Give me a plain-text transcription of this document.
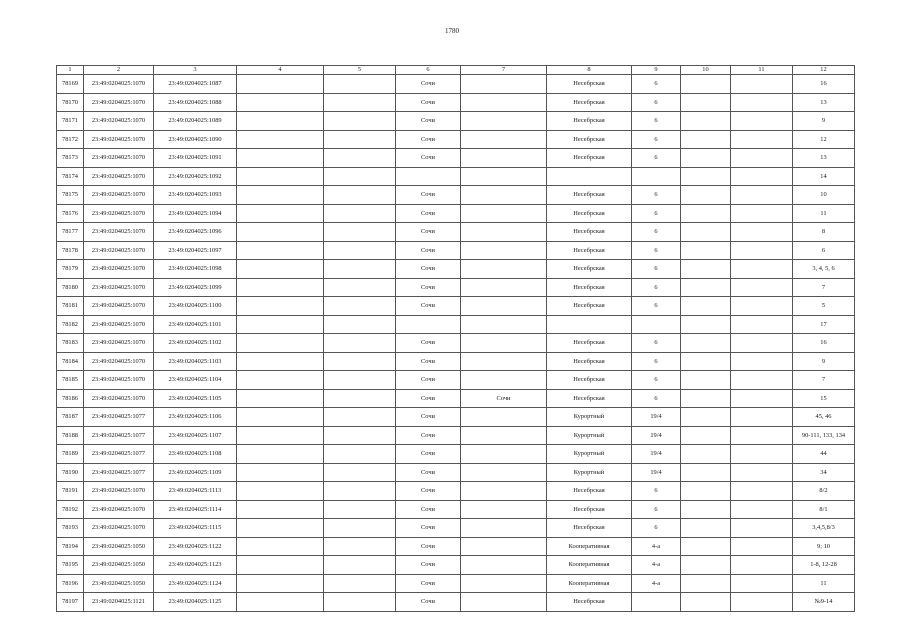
1780
1	2	3	4	5	6	7	8	9	10	11	12
78169	23:49:0204025:1070	23:49:0204025:1087			Сочи		Несебрская	6			16
78170	23:49:0204025:1070	23:49:0204025:1088			Сочи		Несебрская	6			13
78171	23:49:0204025:1070	23:49:0204025:1089			Сочи		Несебрская	6			9
78172	23:49:0204025:1070	23:49:0204025:1090			Сочи		Несебрская	6			12
78173	23:49:0204025:1070	23:49:0204025:1091			Сочи		Несебрская	6			13
78174	23:49:0204025:1070	23:49:0204025:1092									14
78175	23:49:0204025:1070	23:49:0204025:1093			Сочи		Несебрская	6			10
78176	23:49:0204025:1070	23:49:0204025:1094			Сочи		Несебрская	6			11
78177	23:49:0204025:1070	23:49:0204025:1096			Сочи		Несебрская	6			8
78178	23:49:0204025:1070	23:49:0204025:1097			Сочи		Несебрская	6			6
78179	23:49:0204025:1070	23:49:0204025:1098			Сочи		Несебрская	6			3, 4, 5, 6
78180	23:49:0204025:1070	23:49:0204025:1099			Сочи		Несебрская	6			7
78181	23:49:0204025:1070	23:49:0204025:1100			Сочи		Несебрская	6			5
78182	23:49:0204025:1070	23:49:0204025:1101									17
78183	23:49:0204025:1070	23:49:0204025:1102			Сочи		Несебрская	6			16
78184	23:49:0204025:1070	23:49:0204025:1103			Сочи		Несебрская	6			9
78185	23:49:0204025:1070	23:49:0204025:1104			Сочи		Несебрская	6			7
78186	23:49:0204025:1070	23:49:0204025:1105			Сочи	Сочи	Несебрская	6			15
78187	23:49:0204025:1077	23:49:0204025:1106			Сочи		Курортный	19/4			45, 46
78188	23:49:0204025:1077	23:49:0204025:1107			Сочи		Курортный	19/4			90-111, 133, 134
78189	23:49:0204025:1077	23:49:0204025:1108			Сочи		Курортный	19/4			44
78190	23:49:0204025:1077	23:49:0204025:1109			Сочи		Курортный	19/4			34
78191	23:49:0204025:1070	23:49:0204025:1113			Сочи		Несебрская	6			8/2
78192	23:49:0204025:1070	23:49:0204025:1114			Сочи		Несебрская	6			8/1
78193	23:49:0204025:1070	23:49:0204025:1115			Сочи		Несебрская	6			3,4,5,8/3
78194	23:49:0204025:1050	23:49:0204025:1122			Сочи		Кооперативная	4-а			9; 10
78195	23:49:0204025:1050	23:49:0204025:1123			Сочи		Кооперативная	4-а			1-8, 12-28
78196	23:49:0204025:1050	23:49:0204025:1124			Сочи		Кооперативная	4-а			11
78197	23:49:0204025:1121	23:49:0204025:1125			Сочи		Несебрская				№9-14
